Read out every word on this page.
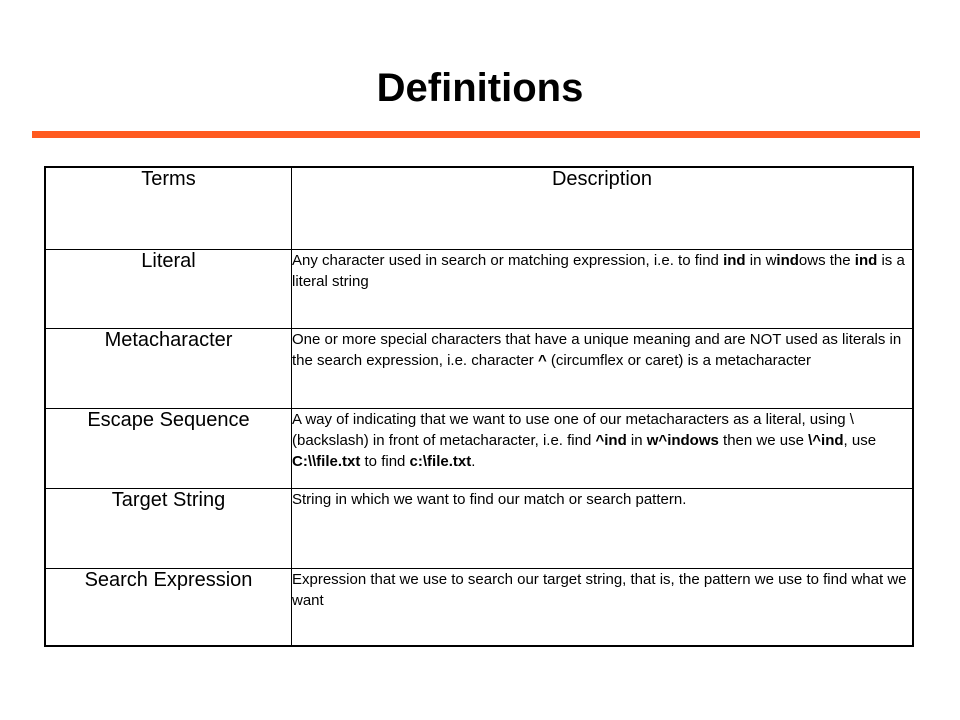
Definitions
Terms	Description
Literal	Any character used in search or matching expression, i.e. to find ind in windows the ind is a literal string
Metacharacter	One or more special characters that have a unique meaning and are NOT used as literals in the search expression, i.e. character ^ (circumflex or caret) is a metacharacter
Escape Sequence	A way of indicating that we want to use one of our metacharacters as a literal, using \ (backslash) in front of metacharacter, i.e. find ^ind in w^indows then we use \^ind, use C:\\file.txt to find c:\file.txt.
Target String	String in which we want to find our match or search pattern.
Search Expression	Expression that we use to search our target string, that is, the pattern we use to find what we want
